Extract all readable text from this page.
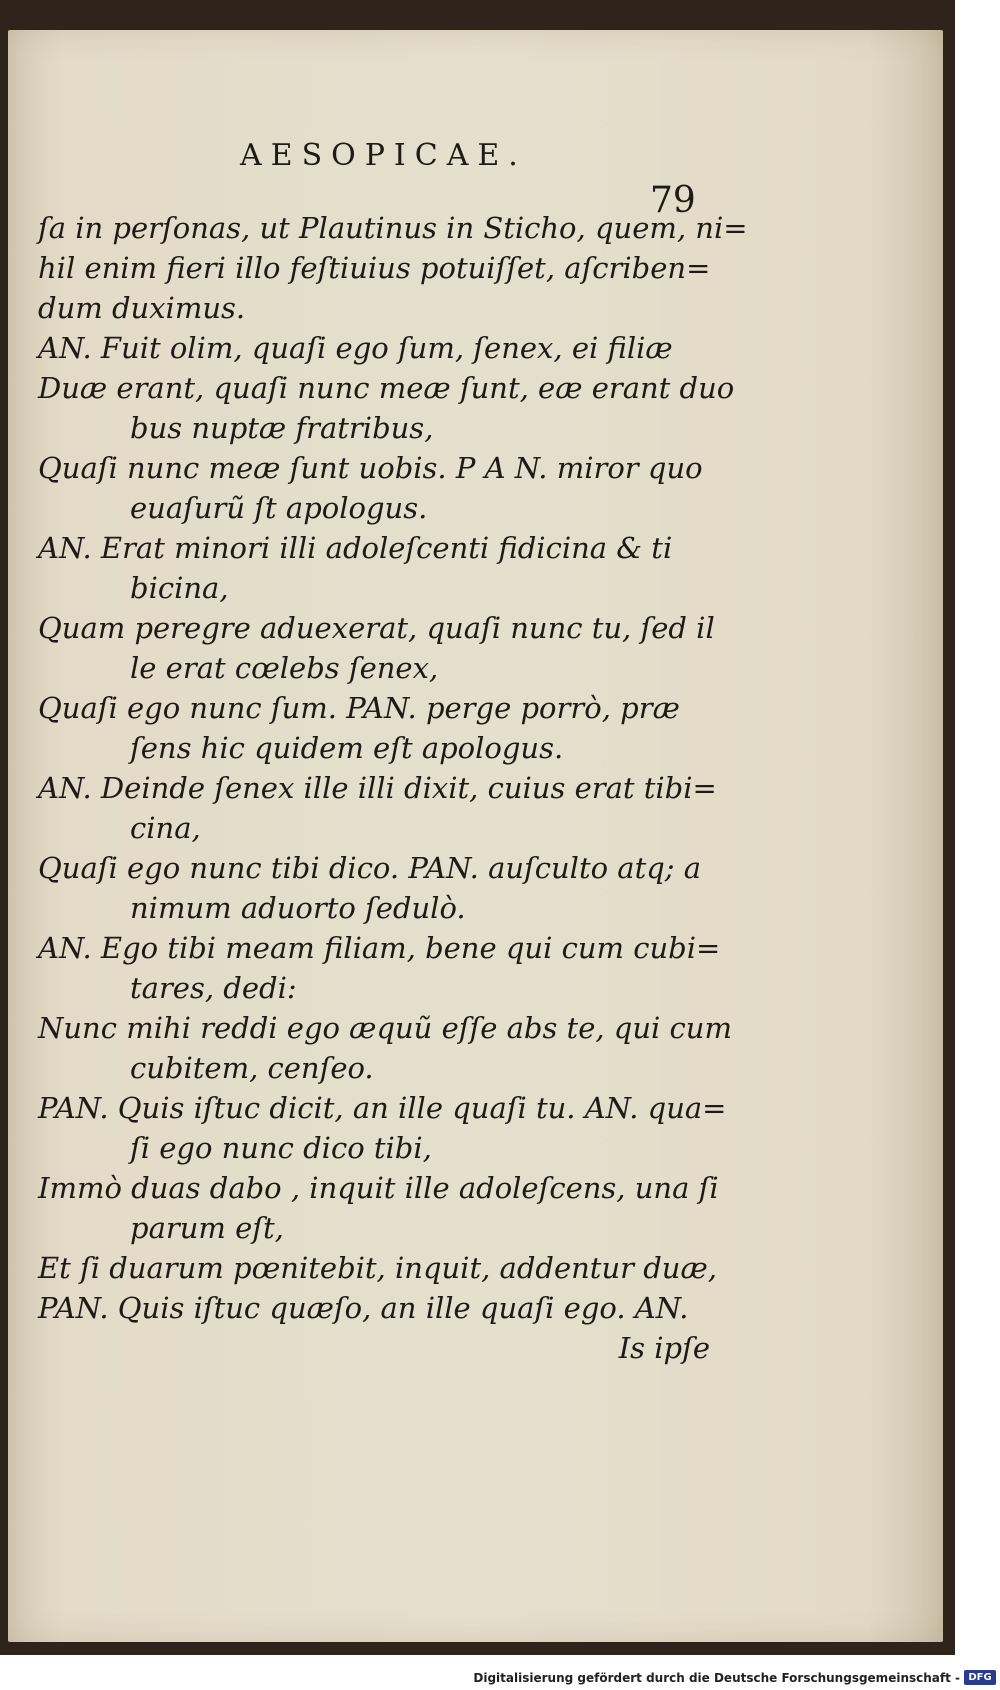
AESOPICAE.
79
ſa in perſonas, ut Plautinus in Sticho, quem, ni=
hil enim fieri illo feſtiuius potuiſſet, aſcriben=
dum duximus.
AN. Fuit olim, quaſi ego ſum, ſenex, ei filiæ
Duæ erant, quaſi nunc meæ ſunt, eæ erant duo
bus nuptæ fratribus,
Quaſi nunc meæ ſunt uobis. P A N. miror quo
euaſurũ ſt apologus.
AN. Erat minori illi adoleſcenti fidicina & ti
bicina,
Quam peregre aduexerat, quaſi nunc tu, ſed il
le erat cœlebs ſenex,
Quaſi ego nunc ſum. PAN. perge porrò, præ
ſens hic quidem eſt apologus.
AN. Deinde ſenex ille illi dixit, cuius erat tibi=
cina,
Quaſi ego nunc tibi dico. PAN. auſculto atq; a
nimum aduorto ſedulò.
AN. Ego tibi meam filiam, bene qui cum cubi=
tares, dedi:
Nunc mihi reddi ego æquũ eſſe abs te, qui cum
cubitem, cenſeo.
PAN. Quis iſtuc dicit, an ille quaſi tu. AN. qua=
ſi ego nunc dico tibi,
Immò duas dabo , inquit ille adoleſcens, una ſi
parum eſt,
Et ſi duarum pœnitebit, inquit, addentur duæ,
PAN. Quis iſtuc quæſo, an ille quaſi ego. AN.
Is ipſe
Digitalisierung gefördert durch die Deutsche Forschungsgemeinschaft - DFG
